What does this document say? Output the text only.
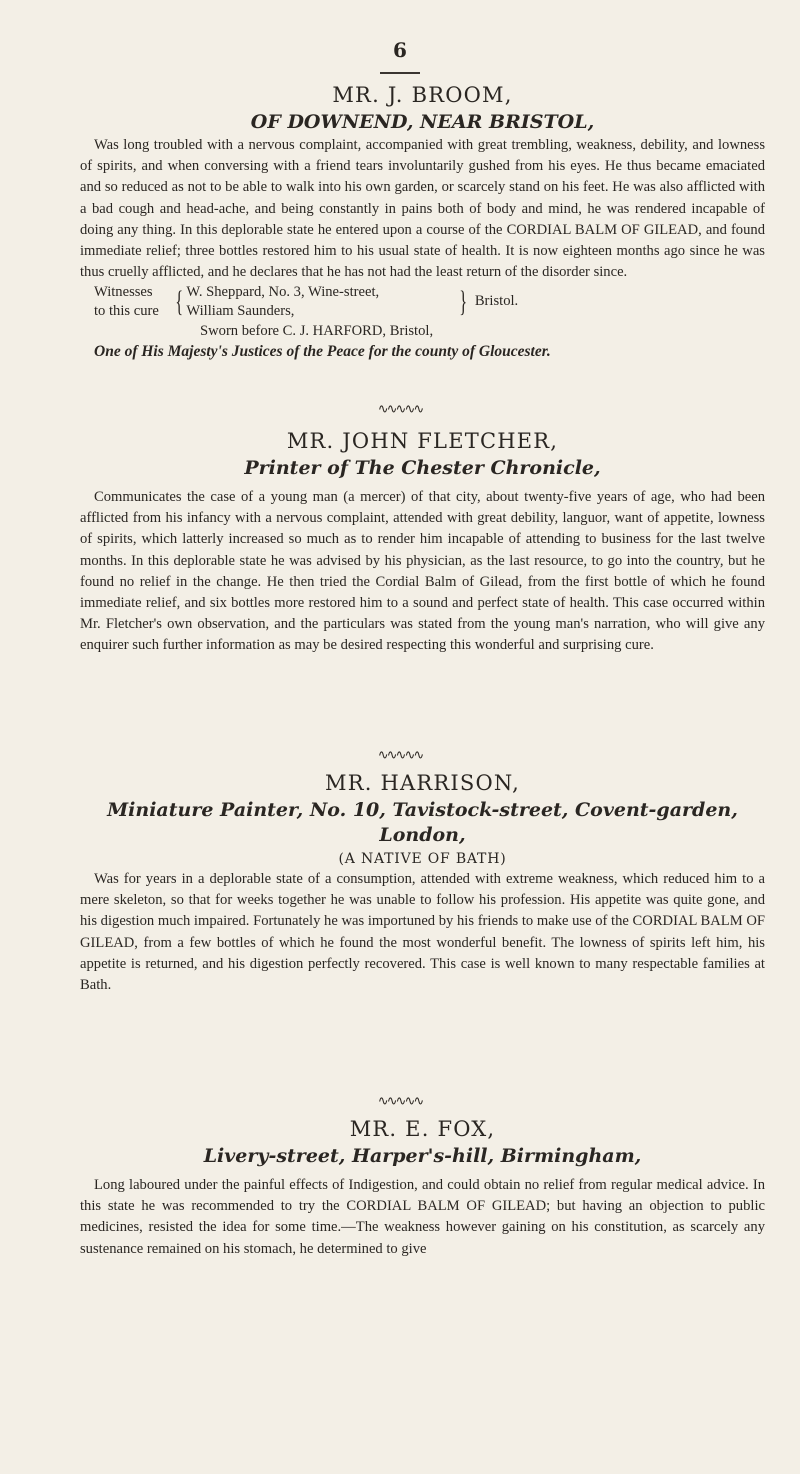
6
MR. J. BROOM,
OF DOWNEND, NEAR BRISTOL,

Was long troubled with a nervous complaint, accompanied with great trembling, weakness, debility, and lowness of spirits, and when conversing with a friend tears involuntarily gushed from his eyes. He thus became emaciated and so reduced as not to be able to walk into his own garden, or scarcely stand on his feet. He was also afflicted with a bad cough and head-ache, and being constantly in pains both of body and mind, he was rendered incapable of doing any thing. In this deplorable state he entered upon a course of the CORDIAL BALM OF GILEAD, and found immediate relief; three bottles restored him to his usual state of health. It is now eighteen months ago since he was thus cruelly afflicted, and he declares that he has not had the least return of the disorder since.

Witnesses
to this cure { W. Sheppard, No. 3, Wine-street,
William Saunders,	} Bristol.
Sworn before C. J. HARFORD, Bristol,
One of His Majesty's Justices of the Peace for the county of Gloucester.
∿∿∿∿∿
MR. JOHN FLETCHER,
Printer of The Chester Chronicle,

Communicates the case of a young man (a mercer) of that city, about twenty-five years of age, who had been afflicted from his infancy with a nervous complaint, attended with great debility, languor, want of appetite, lowness of spirits, which latterly increased so much as to render him incapable of attending to business for the last twelve months. In this deplorable state he was advised by his physician, as the last resource, to go into the country, but he found no relief in the change. He then tried the Cordial Balm of Gilead, from the first bottle of which he found immediate relief, and six bottles more restored him to a sound and perfect state of health. This case occurred within Mr. Fletcher's own observation, and the particulars was stated from the young man's narration, who will give any enquirer such further information as may be desired respecting this wonderful and surprising cure.

∿∿∿∿∿
MR. HARRISON,
Miniature Painter, No. 10, Tavistock-street, Covent-garden,
London,
(A NATIVE OF BATH)

Was for years in a deplorable state of a consumption, attended with extreme weakness, which reduced him to a mere skeleton, so that for weeks together he was unable to follow his profession. His appetite was quite gone, and his digestion much impaired. Fortunately he was importuned by his friends to make use of the CORDIAL BALM OF GILEAD, from a few bottles of which he found the most wonderful benefit. The lowness of spirits left him, his appetite is returned, and his digestion perfectly recovered. This case is well known to many respectable families at Bath.

∿∿∿∿∿
MR. E. FOX,
Livery-street, Harper's-hill, Birmingham,

Long laboured under the painful effects of Indigestion, and could obtain no relief from regular medical advice. In this state he was recommended to try the CORDIAL BALM OF GILEAD; but having an objection to public medicines, resisted the idea for some time.—The weakness however gaining on his constitution, as scarcely any sustenance remained on his stomach, he determined to give
